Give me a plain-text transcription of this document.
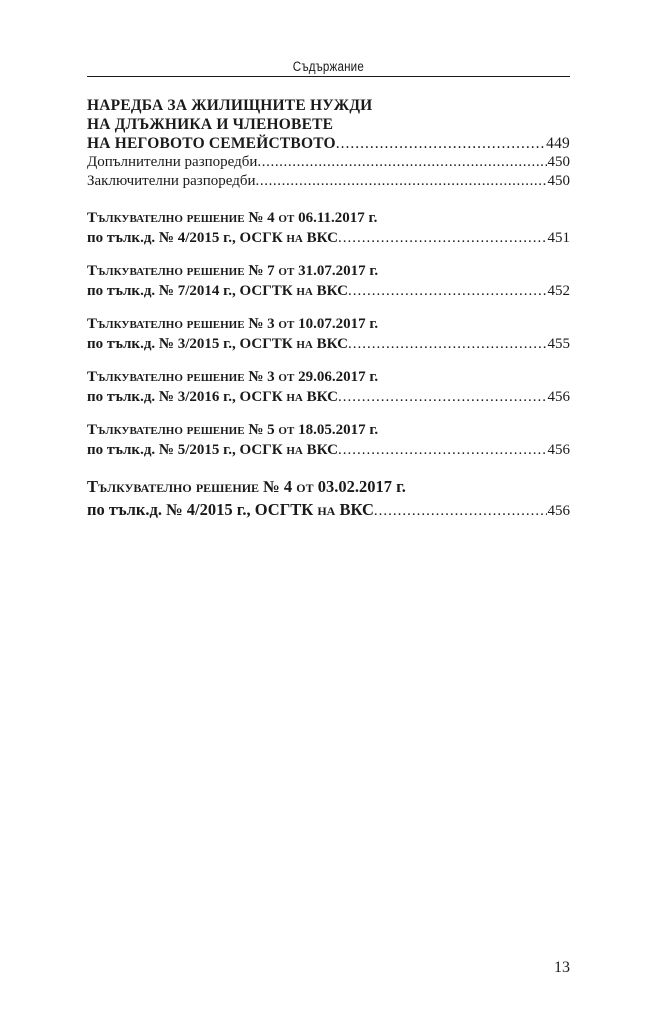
Съдържание
НАРЕДБА ЗА ЖИЛИЩНИТЕ НУЖДИ
НА ДЛЪЖНИКА И ЧЛЕНОВЕТЕ
НА НЕГОВОТО СЕМЕЙСТВОТО .....	449
Допълнителни разпоредби .....	450
Заключителни разпоредби .....	450
Тълкувателно решение № 4 от 06.11.2017 г.
по тълк.д. № 4/2015 г., ОСГК на ВКС .....	451
Тълкувателно решение № 7 от 31.07.2017 г.
по тълк.д. № 7/2014 г., ОСГТК на ВКС .....	452
Тълкувателно решение № 3 от 10.07.2017 г.
по тълк.д. № 3/2015 г., ОСГТК на ВКС .....	455
Тълкувателно решение № 3 от 29.06.2017 г.
по тълк.д. № 3/2016 г., ОСГК на ВКС .....	456
Тълкувателно решение № 5 от 18.05.2017 г.
по тълк.д. № 5/2015 г., ОСГК на ВКС .....	456
Тълкувателно решение № 4 от 03.02.2017 г.
по тълк.д. № 4/2015 г., ОСГТК на ВКС .....	456
13
